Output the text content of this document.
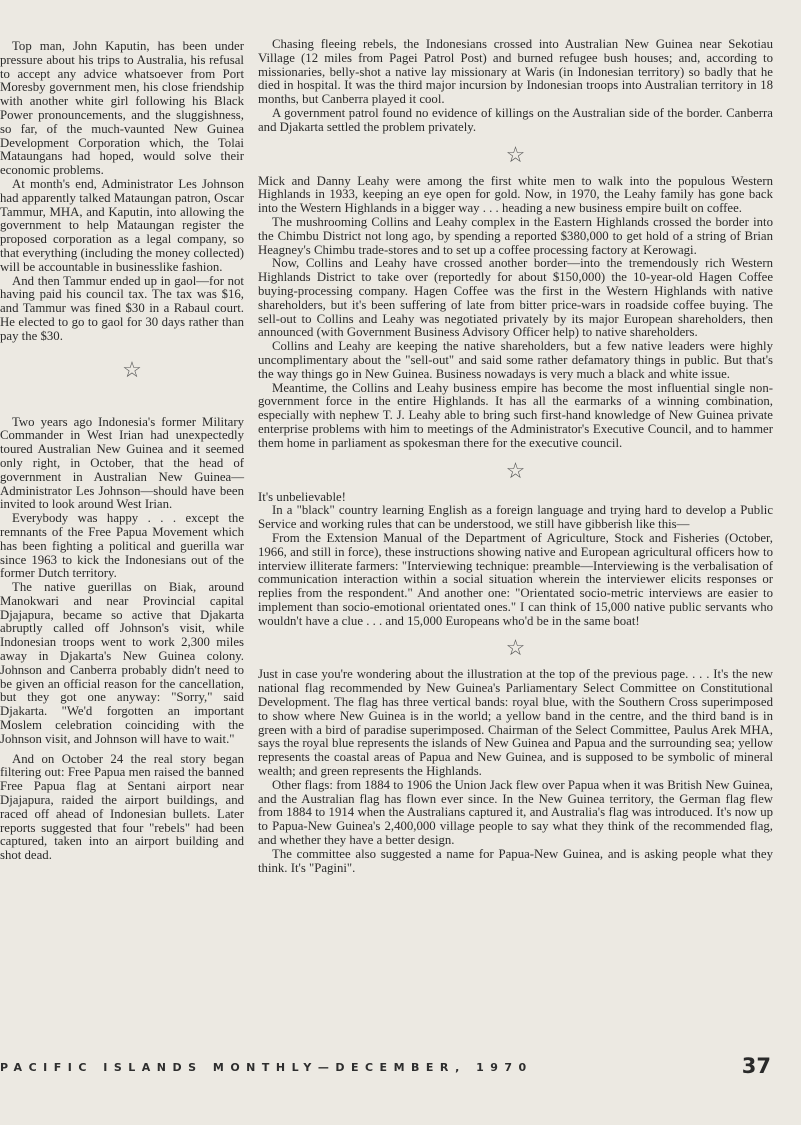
Top man, John Kaputin, has been under pressure about his trips to Australia, his refusal to accept any advice whatsoever from Port Moresby government men, his close friendship with another white girl following his Black Power pronouncements, and the sluggishness, so far, of the much-vaunted New Guinea Development Corporation which, the Tolai Mataungans had hoped, would solve their economic problems.

At month's end, Administrator Les Johnson had apparently talked Mataungan patron, Oscar Tammur, MHA, and Kaputin, into allowing the government to help Mataungan register the proposed corporation as a legal company, so that everything (including the money collected) will be accountable in businesslike fashion.

And then Tammur ended up in gaol—for not having paid his council tax. The tax was $16, and Tammur was fined $30 in a Rabaul court. He elected to go to gaol for 30 days rather than pay the $30.

☆

Two years ago Indonesia's former Military Commander in West Irian had unexpectedly toured Australian New Guinea and it seemed only right, in October, that the head of government in Australian New Guinea—Administrator Les Johnson—should have been invited to look around West Irian.

Everybody was happy . . . except the remnants of the Free Papua Movement which has been fighting a political and guerilla war since 1963 to kick the Indonesians out of the former Dutch territory.

The native guerillas on Biak, around Manokwari and near Provincial capital Djajapura, became so active that Djakarta abruptly called off Johnson's visit, while Indonesian troops went to work 2,300 miles away in Djakarta's New Guinea colony. Johnson and Canberra probably didn't need to be given an official reason for the cancellation, but they got one anyway: "Sorry," said Djakarta. "We'd forgotten an important Moslem celebration coinciding with the Johnson visit, and Johnson will have to wait."

And on October 24 the real story began filtering out: Free Papua men raised the banned Free Papua flag at Sentani airport near Djajapura, raided the airport buildings, and raced off ahead of Indonesian bullets. Later reports suggested that four "rebels" had been captured, taken into an airport building and shot dead.

Chasing fleeing rebels, the Indonesians crossed into Australian New Guinea near Sekotiau Village (12 miles from Pagei Patrol Post) and burned refugee bush houses; and, according to missionaries, belly-shot a native lay missionary at Waris (in Indonesian territory) so badly that he died in hospital. It was the third major incursion by Indonesian troops into Australian territory in 18 months, but Canberra played it cool.

A government patrol found no evidence of killings on the Australian side of the border. Canberra and Djakarta settled the problem privately.

☆

Mick and Danny Leahy were among the first white men to walk into the populous Western Highlands in 1933, keeping an eye open for gold. Now, in 1970, the Leahy family has gone back into the Western Highlands in a bigger way . . . heading a new business empire built on coffee.

The mushrooming Collins and Leahy complex in the Eastern Highlands crossed the border into the Chimbu District not long ago, by spending a reported $380,000 to get hold of a string of Brian Heagney's Chimbu trade-stores and to set up a coffee processing factory at Kerowagi.

Now, Collins and Leahy have crossed another border—into the tremendously rich Western Highlands District to take over (reportedly for about $150,000) the 10-year-old Hagen Coffee buying-processing company. Hagen Coffee was the first in the Western Highlands with native shareholders, but it's been suffering of late from bitter price-wars in roadside coffee buying. The sell-out to Collins and Leahy was negotiated privately by its major European shareholders, then announced (with Government Business Advisory Officer help) to native shareholders.

Collins and Leahy are keeping the native shareholders, but a few native leaders were highly uncomplimentary about the "sell-out" and said some rather defamatory things in public. But that's the way things go in New Guinea. Business nowadays is very much a black and white issue.

Meantime, the Collins and Leahy business empire has become the most influential single non-government force in the entire Highlands. It has all the earmarks of a winning combination, especially with nephew T. J. Leahy able to bring such first-hand knowledge of New Guinea private enterprise problems with him to meetings of the Administrator's Executive Council, and to hammer them home in parliament as spokesman there for the executive council.

☆

It's unbelievable!

In a "black" country learning English as a foreign language and trying hard to develop a Public Service and working rules that can be understood, we still have gibberish like this—

From the Extension Manual of the Department of Agriculture, Stock and Fisheries (October, 1966, and still in force), these instructions showing native and European agricultural officers how to interview illiterate farmers: "Interviewing technique: preamble—Interviewing is the verbalisation of communication interaction within a social situation wherein the interviewer elicits responses or replies from the respondent." And another one: "Orientated socio-metric interviews are easier to implement than socio-emotional orientated ones." I can think of 15,000 native public servants who wouldn't have a clue . . . and 15,000 Europeans who'd be in the same boat!

☆

Just in case you're wondering about the illustration at the top of the previous page. . . . It's the new national flag recommended by New Guinea's Parliamentary Select Committee on Constitutional Development. The flag has three vertical bands: royal blue, with the Southern Cross superimposed to show where New Guinea is in the world; a yellow band in the centre, and the third band is in green with a bird of paradise superimposed. Chairman of the Select Committee, Paulus Arek MHA, says the royal blue represents the islands of New Guinea and Papua and the surrounding sea; yellow represents the coastal areas of Papua and New Guinea, and is supposed to be symbolic of mineral wealth; and green represents the Highlands.

Other flags: from 1884 to 1906 the Union Jack flew over Papua when it was British New Guinea, and the Australian flag has flown ever since. In the New Guinea territory, the German flag flew from 1884 to 1914 when the Australians captured it, and Australia's flag was introduced. It's now up to Papua-New Guinea's 2,400,000 village people to say what they think of the recommended flag, and whether they have a better design.

The committee also suggested a name for Papua-New Guinea, and is asking people what they think. It's "Pagini".

PACIFIC ISLANDS MONTHLY—DECEMBER, 1970	37
